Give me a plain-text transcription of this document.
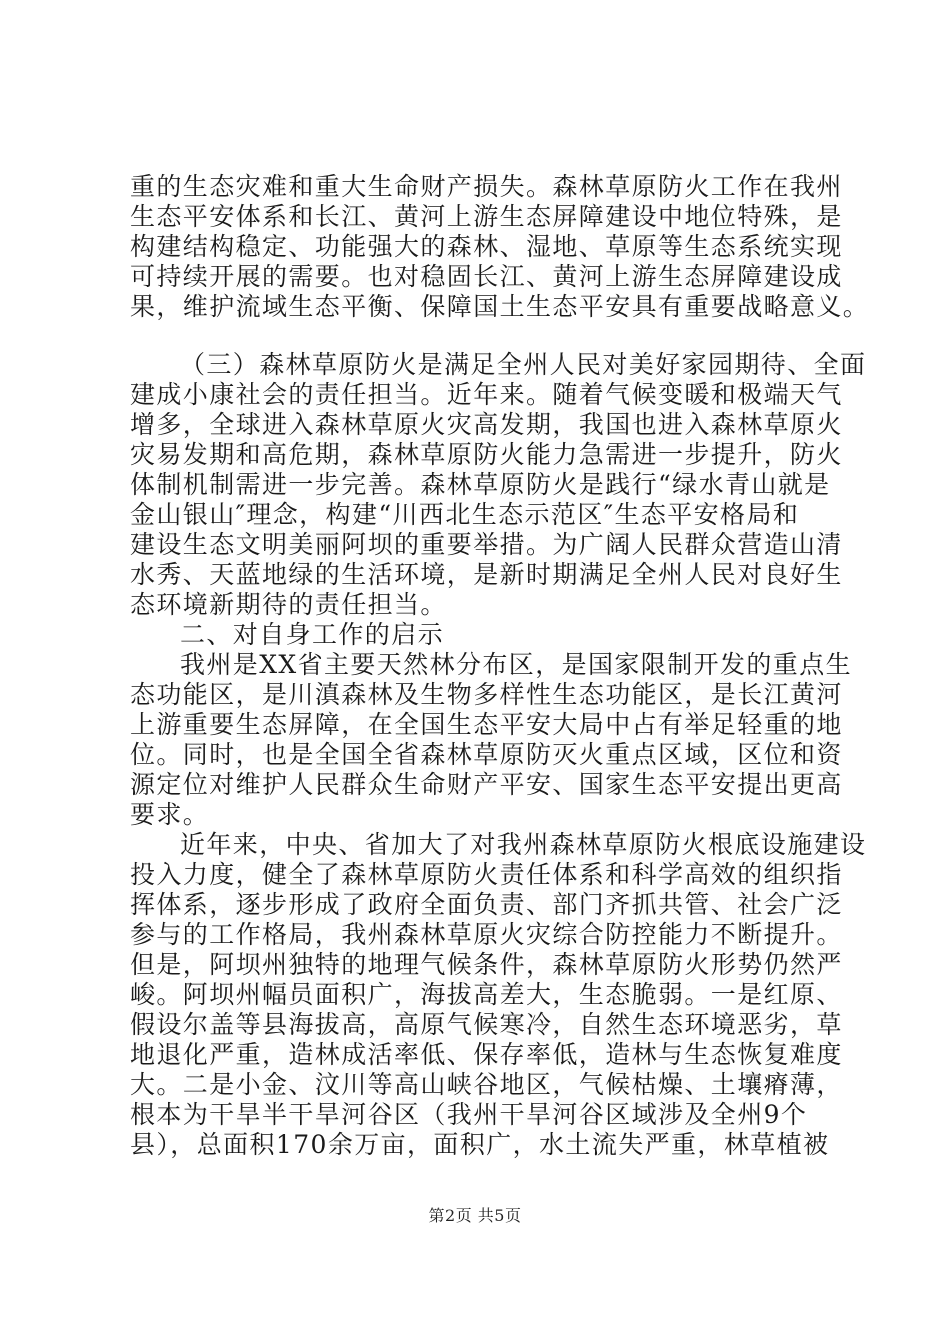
重的生态灾难和重大生命财产损失。森林草原防火工作在我州
生态平安体系和长江、黄河上游生态屏障建设中地位特殊，是
构建结构稳定、功能强大的森林、湿地、草原等生态系统实现
可持续开展的需要。也对稳固长江、黄河上游生态屏障建设成
果，维护流域生态平衡、保障国土生态平安具有重要战略意义。
（三）森林草原防火是满足全州人民对美好家园期待、全面
建成小康社会的责任担当。近年来。随着气候变暖和极端天气
增多，全球进入森林草原火灾高发期，我国也进入森林草原火
灾易发期和高危期，森林草原防火能力急需进一步提升，防火
体制机制需进一步完善。森林草原防火是践行“绿水青山就是
金山银山″理念，构建“川西北生态示范区″生态平安格局和
建设生态文明美丽阿坝的重要举措。为广阔人民群众营造山清
水秀、天蓝地绿的生活环境，是新时期满足全州人民对良好生
态环境新期待的责任担当。
二、对自身工作的启示
我州是XX省主要天然林分布区，是国家限制开发的重点生
态功能区，是川滇森林及生物多样性生态功能区，是长江黄河
上游重要生态屏障，在全国生态平安大局中占有举足轻重的地
位。同时，也是全国全省森林草原防灭火重点区域，区位和资
源定位对维护人民群众生命财产平安、国家生态平安提出更高
要求。
近年来，中央、省加大了对我州森林草原防火根底设施建设
投入力度，健全了森林草原防火责任体系和科学高效的组织指
挥体系，逐步形成了政府全面负责、部门齐抓共管、社会广泛
参与的工作格局，我州森林草原火灾综合防控能力不断提升。
但是，阿坝州独特的地理气候条件，森林草原防火形势仍然严
峻。阿坝州幅员面积广，海拔高差大，生态脆弱。一是红原、
假设尔盖等县海拔高，高原气候寒冷，自然生态环境恶劣，草
地退化严重，造林成活率低、保存率低，造林与生态恢复难度
大。二是小金、汶川等高山峡谷地区，气候枯燥、土壤瘠薄，
根本为干旱半干旱河谷区（我州干旱河谷区域涉及全州9个
县），总面积170余万亩，面积广，水土流失严重，林草植被
第2页 共5页
